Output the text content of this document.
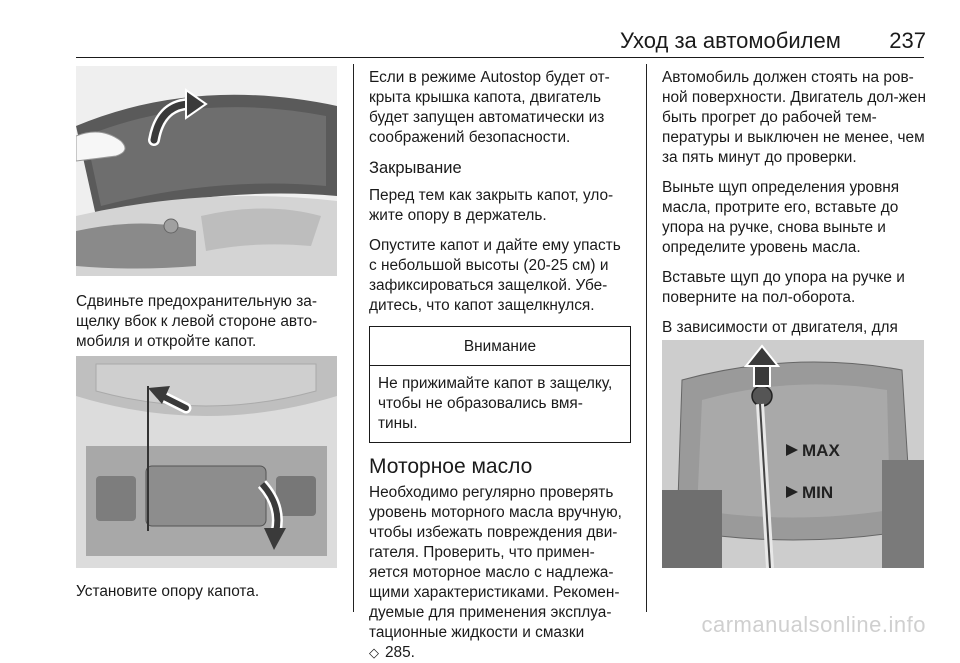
Уход за автомобилем	237

Сдвиньте предохранительную за-щелку вбок к левой стороне авто-мобиля и откройте капот.

Установите опору капота.

Если в режиме Autostop будет от-крыта крышка капота, двигатель будет запущен автоматически из соображений безопасности.

Закрывание

Перед тем как закрыть капот, уло-жите опору в держатель.

Опустите капот и дайте ему упасть с небольшой высоты (20-25 см) и зафиксироваться защелкой. Убе-дитесь, что капот защелкнулся.

Внимание
Не прижимайте капот в защелку, чтобы не образовались вмя-тины.
Моторное масло

Необходимо регулярно проверять уровень моторного масла вручную, чтобы избежать повреждения дви-гателя. Проверить, что примен-яется моторное масло с надлежа-щими характеристиками. Рекомен-дуемые для применения эксплуа-тационные жидкости и смазки
◇ 285.

Автомобиль должен стоять на ров-ной поверхности. Двигатель дол-жен быть прогрет до рабочей тем-пературы и выключен не менее, чем за пять минут до проверки.

Выньте щуп определения уровня масла, протрите его, вставьте до упора на ручке, снова выньте и определите уровень масла.

Вставьте щуп до упора на ручке и поверните на пол-оборота.

В зависимости от двигателя, для

MAX
MIN
carmanualsonline.info
